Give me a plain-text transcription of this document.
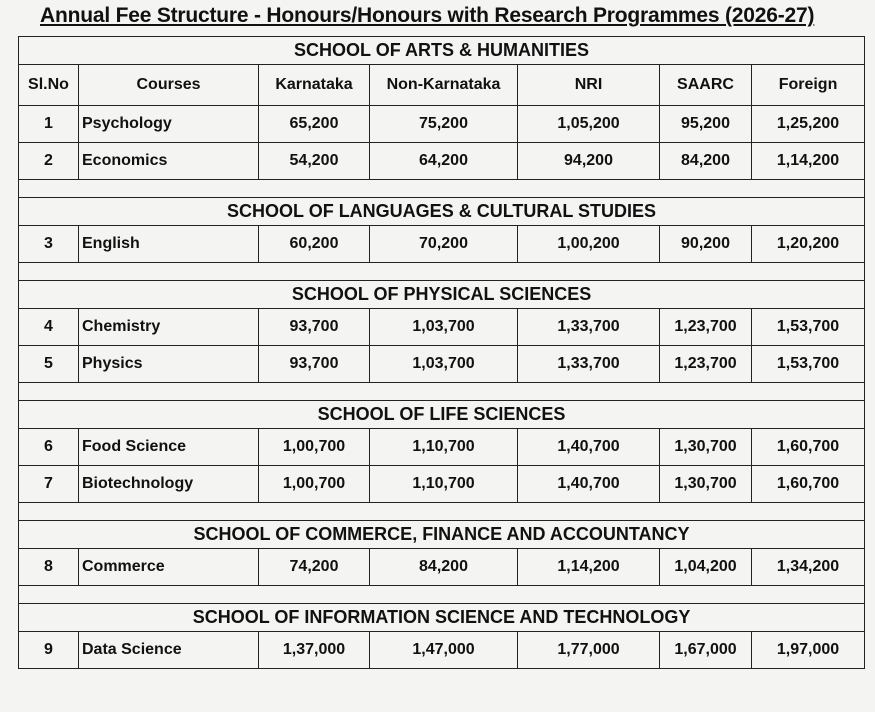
Annual Fee Structure - Honours/Honours with Research Programmes (2026-27)
SCHOOL OF ARTS & HUMANITIES						
Sl.No	Courses	Karnataka	Non-Karnataka	NRI	SAARC	Foreign
1	Psychology	65,200	75,200	1,05,200	95,200	1,25,200
2	Economics	54,200	64,200	94,200	84,200	1,14,200

SCHOOL OF LANGUAGES & CULTURAL STUDIES						
3	English	60,200	70,200	1,00,200	90,200	1,20,200

SCHOOL OF PHYSICAL SCIENCES						
4	Chemistry	93,700	1,03,700	1,33,700	1,23,700	1,53,700
5	Physics	93,700	1,03,700	1,33,700	1,23,700	1,53,700

SCHOOL OF LIFE SCIENCES						
6	Food Science	1,00,700	1,10,700	1,40,700	1,30,700	1,60,700
7	Biotechnology	1,00,700	1,10,700	1,40,700	1,30,700	1,60,700

SCHOOL OF COMMERCE, FINANCE AND ACCOUNTANCY						
8	Commerce	74,200	84,200	1,14,200	1,04,200	1,34,200

SCHOOL OF INFORMATION SCIENCE AND TECHNOLOGY						
9	Data Science	1,37,000	1,47,000	1,77,000	1,67,000	1,97,000
